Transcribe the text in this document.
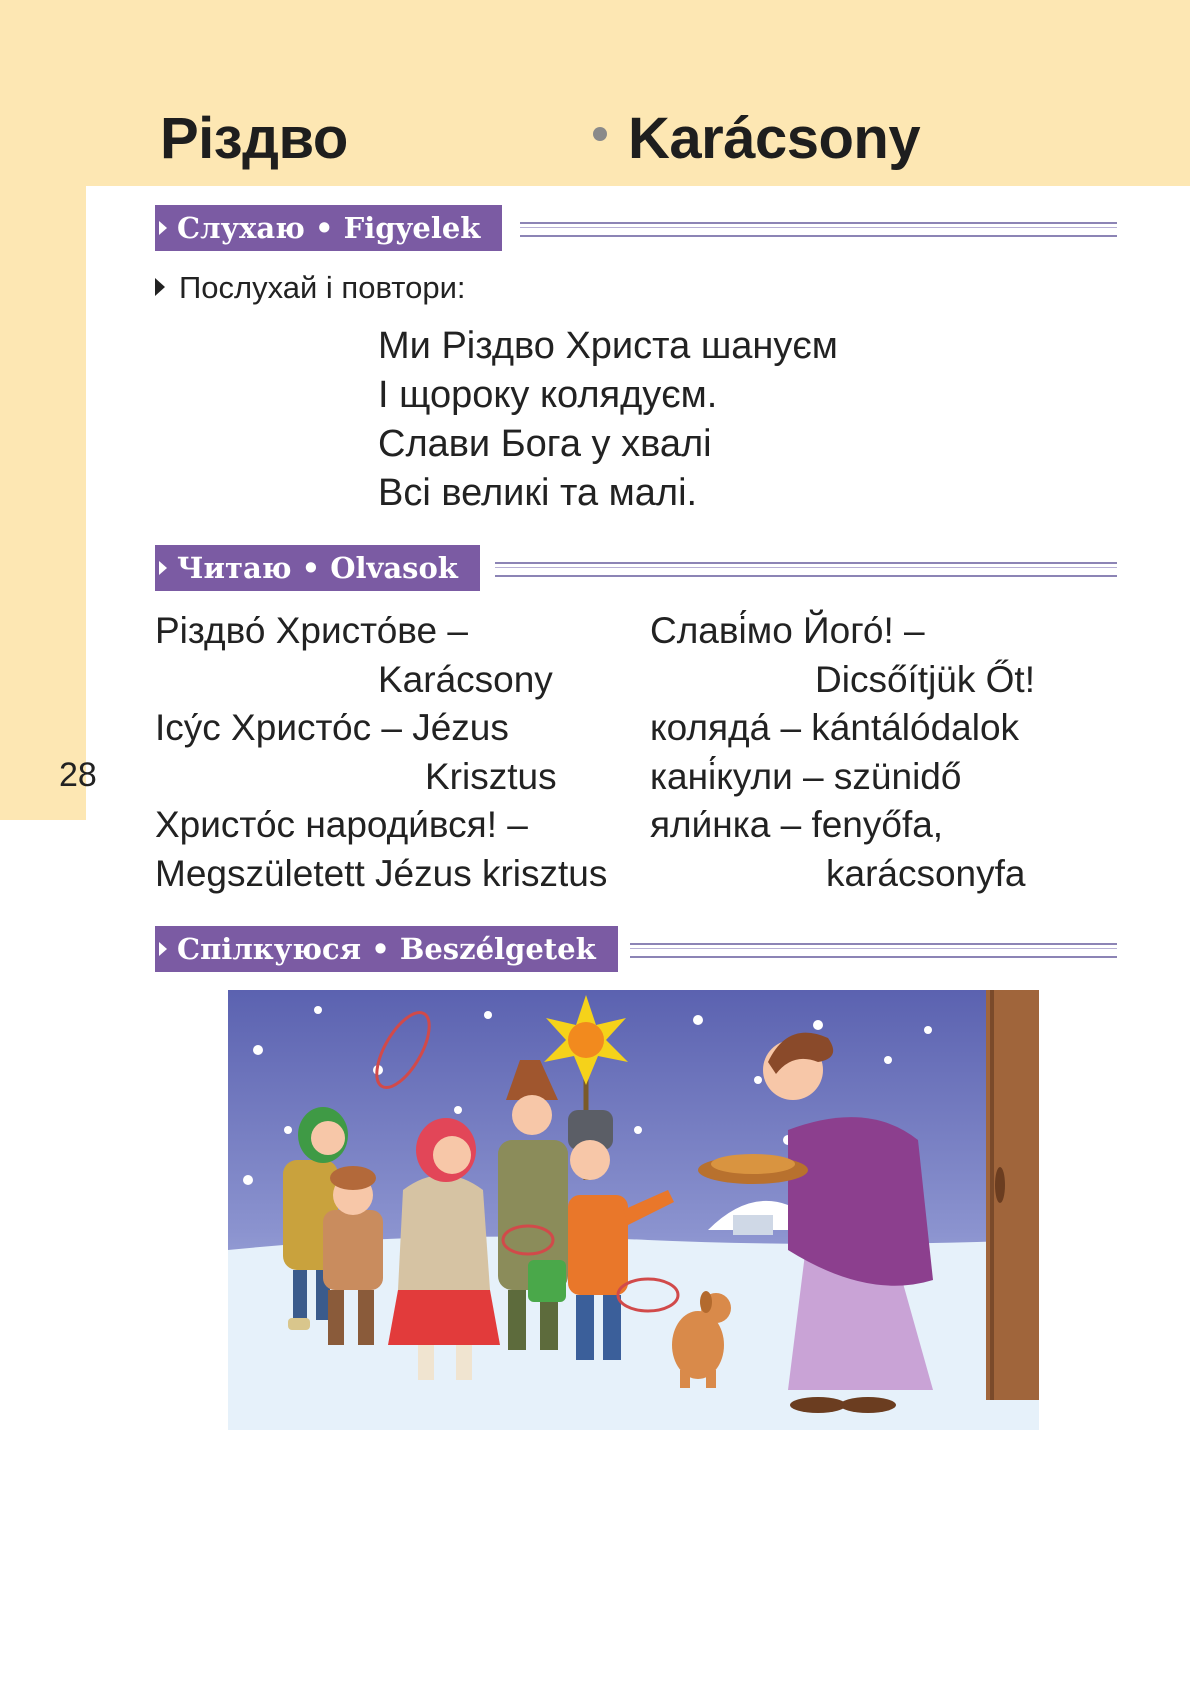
Різдво	Karácsony
28
Слухаю • Figyelek
Послухай і повтори:
Ми Різдво Христа шануєм
І щороку колядуєм.
Слави Бога у хвалі
Всі великі та малі.
Читаю • Olvasok
Різдво́ Христо́ве –
Karácsony
Ісу́с Христо́с – Jézus
Krisztus
Христо́с народи́вся! –
Megszületett Jézus krisztus
Славі́мо Його́! –
Dicsőítjük Őt!
коляда́ – kántálódalok
кані́кули – szünidő
яли́нка – fenyőfa,
karácsonyfa
Спілкуюся • Beszélgetek
